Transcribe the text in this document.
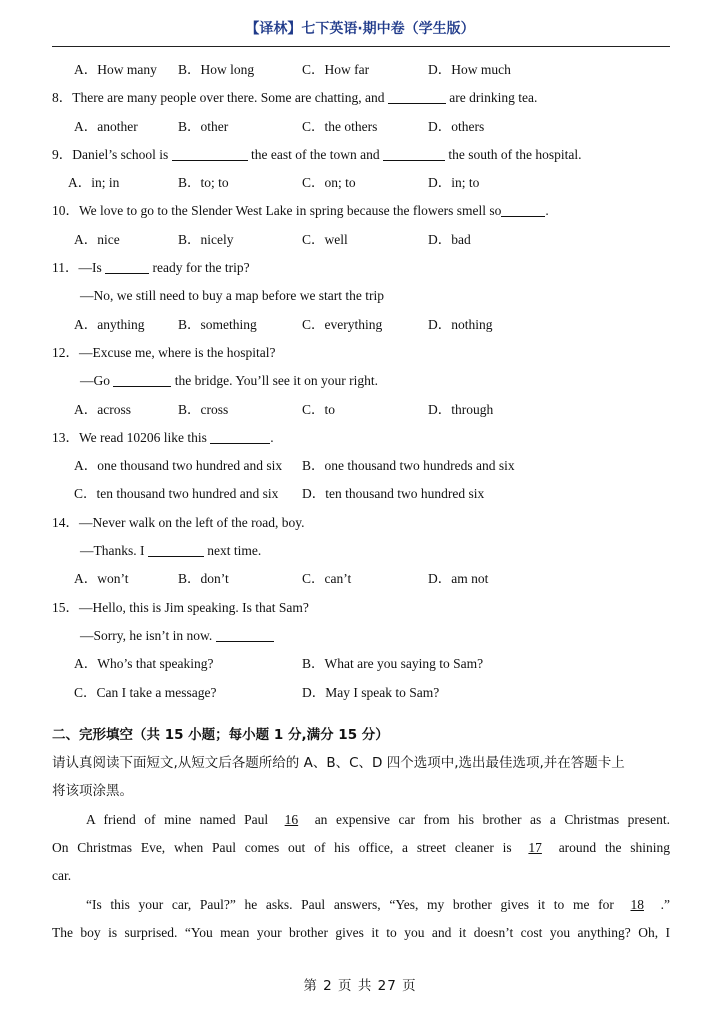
【译林】七下英语·期中卷（学生版）
A．How many B．How long	C．How far	D．How much
8．There are many people over there. Some are chatting, and	are drinking tea.
A．another	B．other	C．the others	D．others
9．Daniel’s school is	the east of the town and	the south of the hospital.
A．in; in	B．to; to	C．on; to	D．in; to
10．We love to go to the Slender West Lake in spring because the flowers smell so	.
A．nice	B．nicely	C．well	D．bad
11．—Is	ready for the trip?
—No, we still need to buy a map before we start the trip
A．anything B．something	C．everything	D．nothing
12．—Excuse me, where is the hospital?
—Go	the bridge. You’ll see it on your right.
A．across	B．cross	C．to	D．through
13．We read 10206 like this	.
A．one thousand two hundred and six B．one thousand two hundreds and six
C．ten thousand two hundred and six D．ten thousand two hundred six
14．—Never walk on the left of the road, boy.
—Thanks. I	next time.
A．won’t	B．don’t	C．can’t	D．am not
15．—Hello, this is Jim speaking. Is that Sam?
—Sorry, he isn’t in now.
A．Who’s that speaking?	B．What are you saying to Sam?
C．Can I take a message?	D．May I speak to Sam?
二、完形填空（共 15 小题；每小题 1 分,满分 15 分）
请认真阅读下面短文,从短文后各题所给的 A、B、C、D 四个选项中,选出最佳选项,并在答题卡上
将该项涂黑。
A friend of mine named Paul 16 an expensive car from his brother as a Christmas present.
On Christmas Eve, when Paul comes out of his office, a street cleaner is 17 around the shining
car.
“Is this your car, Paul?” he asks. Paul answers, “Yes, my brother gives it to me for 18 .”
The boy is surprised. “You mean your brother gives it to you and it doesn’t cost you anything? Oh, I
第 2 页 共 27 页
